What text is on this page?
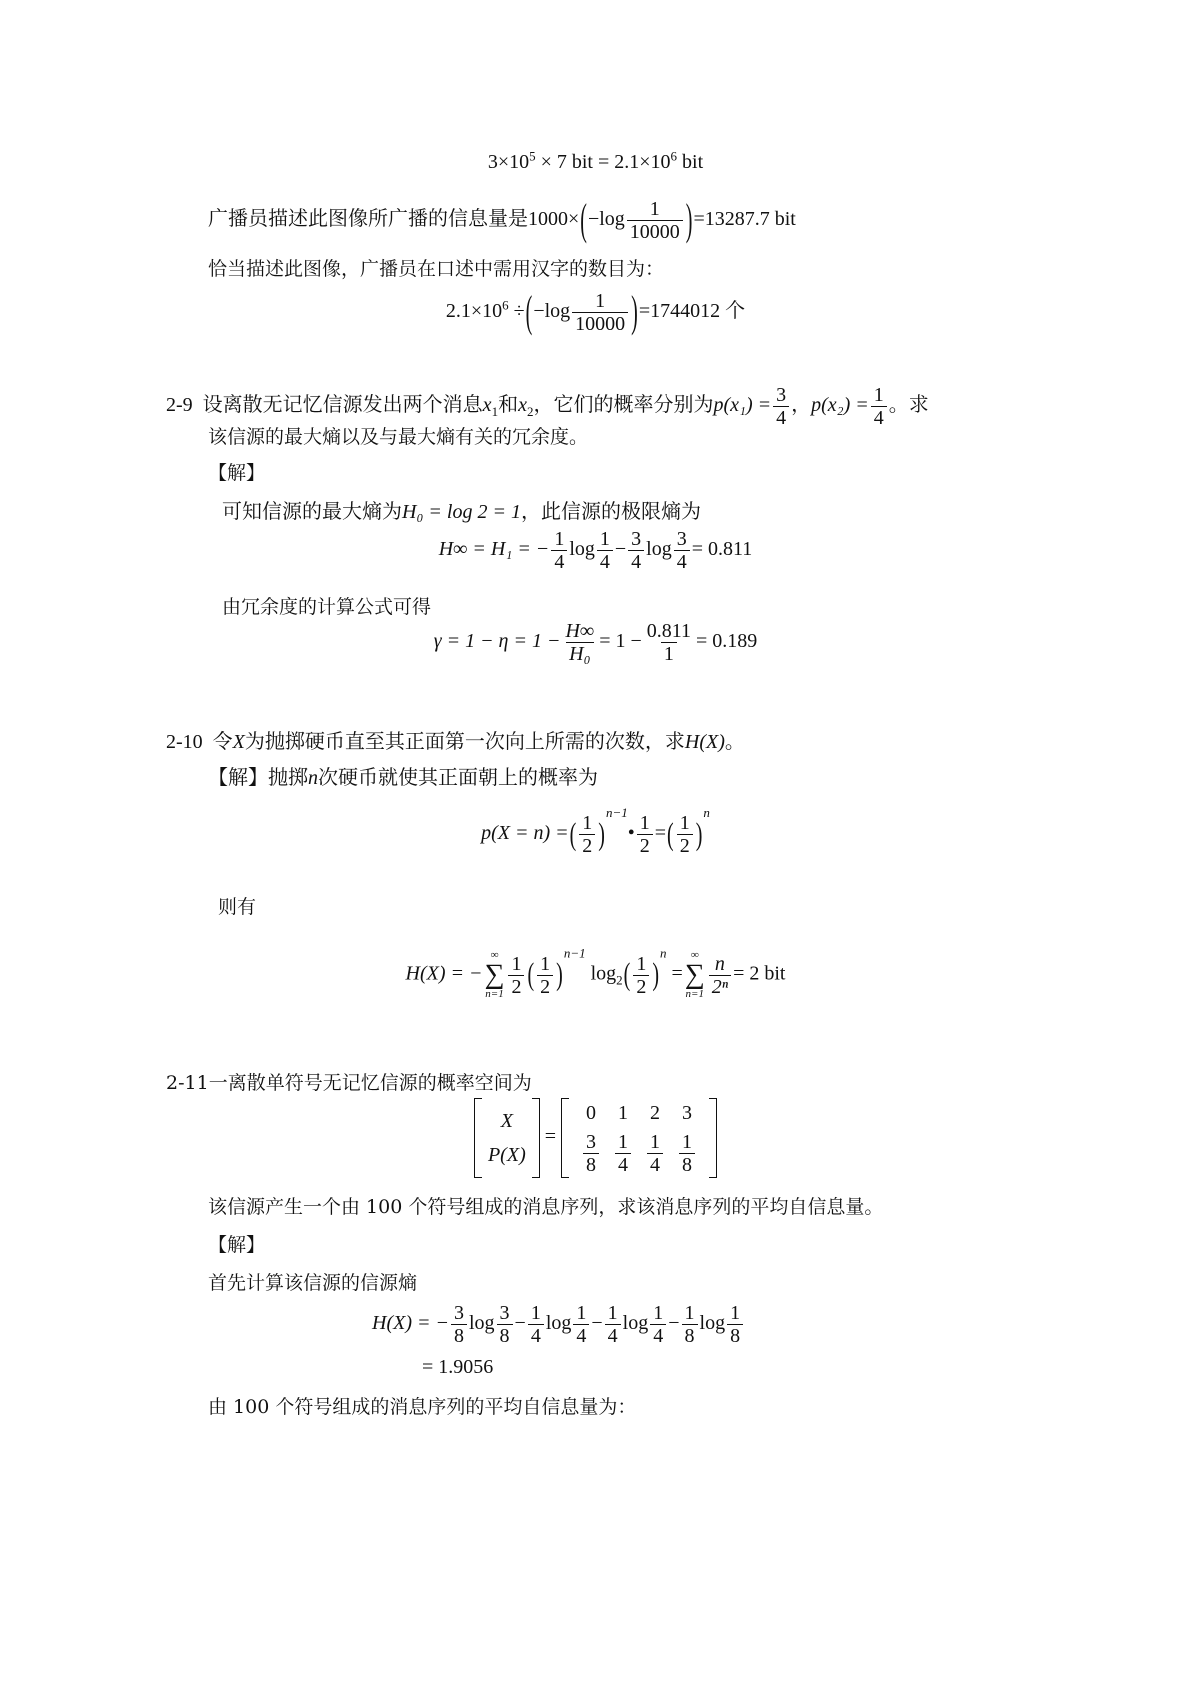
$3\times 10^5 \times 7$ bit = $2.1\times 10^6$ bit
广播员描述此图像所广播的信息量是$1000\times(-\log \frac{1}{10000} )=13287.7$ bit
恰当描述此图像，广播员在口述中需用汉字的数目为：
$2.1\times 10^6 \div(-\log \frac{1}{10000} )=1744012$ 个
2-9 设离散无记忆信源发出两个消息$x_1$和$x_2$，它们的概率分别为$p(x_1) = \frac{3}{4}$ ，$p(x_2) = \frac{1}{4}$ 。求
该信源的最大熵以及与最大熵有关的冗余度。
【解】
可知信源的最大熵为H₀ = log 2 = 1，此信源的极限熵为
H∞ = H₁ = − $\frac{1}{4}$ $\log \frac{1}{4} - \frac{3}{4}$ $\log \frac{3}{4} = 0.811$
由冗余度的计算公式可得
$\gamma = 1 - \eta = 1 - \frac{H\infty}{\text{H₀}} = 1 - \frac{0.811}{1} = 0.189$
2-10 令X为抛掷硬币直至其正面第一次向上所需的次数，求H(X)。
【解】抛掷n次硬币就使其正面朝上的概率为
p(X = n) =( $\frac{1}{2}$ )$^{n-1}$• $\frac{1}{2}$ =( $\frac{1}{2} )^n$
则有
H(X) = −
∞
∑
$n=1 \frac{1}{2}$ ( $\frac{1}{2} )^{n-1}$ $\log_2( \frac{1}{2} )^n$ =
∞
∑
$n=1 \frac{n}{\text{2ⁿ}} = 2$ bit
2-11一离散单符号无记忆信源的概率空间为
X
P(X)
=
0 1 2 3
$\frac{3}{8} \frac{1}{4} \frac{1}{4} \frac{1}{8}$
该信源产生一个由 100 个符号组成的消息序列，求该消息序列的平均自信息量。
【解】
首先计算该信源的信源熵
H(X) = − $\frac{3}{8}$ $\log \frac{3}{8} - \frac{1}{4}$ $\log \frac{1}{4} - \frac{1}{4}$ $\log \frac{1}{4} - \frac{1}{8}$ $\log \frac{1}{8}$
= 1.9056
由 100 个符号组成的消息序列的平均自信息量为：
